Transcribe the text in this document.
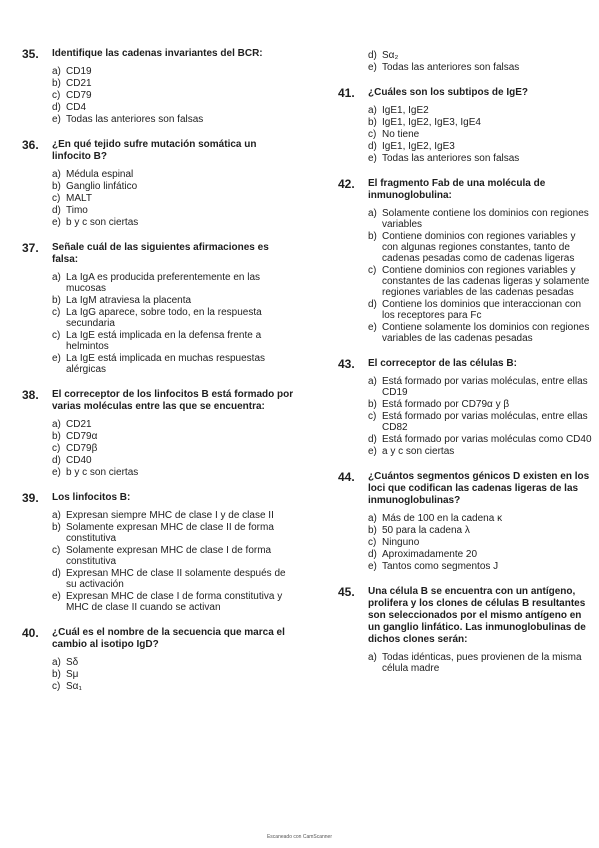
35.	Identifique las cadenas invariantes del BCR:
a) CD19
b) CD21
c) CD79
d) CD4
e) Todas las anteriores son falsas
36.	¿En qué tejido sufre mutación somática un linfocito B?
a) Médula espinal
b) Ganglio linfático
c) MALT
d) Timo
e) b y c son ciertas
37.	Señale cuál de las siguientes afirmaciones es falsa:
a) La IgA es producida preferentemente en las mucosas
b) La IgM atraviesa la placenta
c) La IgG aparece, sobre todo, en la respuesta secundaria
c) La IgE está implicada en la defensa frente a helmintos
e) La IgE está implicada en muchas respuestas alérgicas
38.	El correceptor de los linfocitos B está formado por varias moléculas entre las que se encuentra:
a) CD21
b) CD79α
c) CD79β
d) CD40
e) b y c son ciertas
39.	Los linfocitos B:
a) Expresan siempre MHC de clase I y de clase II
b) Solamente expresan MHC de clase II de forma constitutiva
c) Solamente expresan MHC de clase I de forma constitutiva
d) Expresan MHC de clase II solamente después de su activación
e) Expresan MHC de clase I de forma constitutiva y MHC de clase II cuando se activan
40.	¿Cuál es el nombre de la secuencia que marca el cambio al isotipo IgD?
a) Sδ
b) Sμ
c) Sα₁
d) Sα₂
e) Todas las anteriores son falsas
41.	¿Cuáles son los subtipos de IgE?
a) IgE1, IgE2
b) IgE1, IgE2, IgE3, IgE4
c) No tiene
d) IgE1, IgE2, IgE3
e) Todas las anteriores son falsas
42.	El fragmento Fab de una molécula de inmunoglobulina:
a) Solamente contiene los dominios con regiones variables
b) Contiene dominios con regiones variables y con algunas regiones constantes, tanto de cadenas pesadas como de cadenas ligeras
c) Contiene dominios con regiones variables y constantes de las cadenas ligeras y solamente regiones variables de las cadenas pesadas
d) Contiene los dominios que interaccionan con los receptores para Fc
e) Contiene solamente los dominios con regiones variables de las cadenas pesadas
43.	El correceptor de las células B:
a) Está formado por varias moléculas, entre ellas CD19
b) Está formado por CD79α y β
c) Está formado por varias moléculas, entre ellas CD82
d) Está formado por varias moléculas como CD40
e) a y c son ciertas
44.	¿Cuántos segmentos génicos D existen en los loci que codifican las cadenas ligeras de las inmunoglobulinas?
a) Más de 100 en la cadena κ
b) 50 para la cadena λ
c) Ninguno
d) Aproximadamente 20
e) Tantos como segmentos J
45.	Una célula B se encuentra con un antígeno, prolifera y los clones de células B resultantes son seleccionados por el mismo antígeno en un ganglio linfático. Las inmunoglobulinas de dichos clones serán:
a) Todas idénticas, pues provienen de la misma célula madre
Escaneado con CamScanner
